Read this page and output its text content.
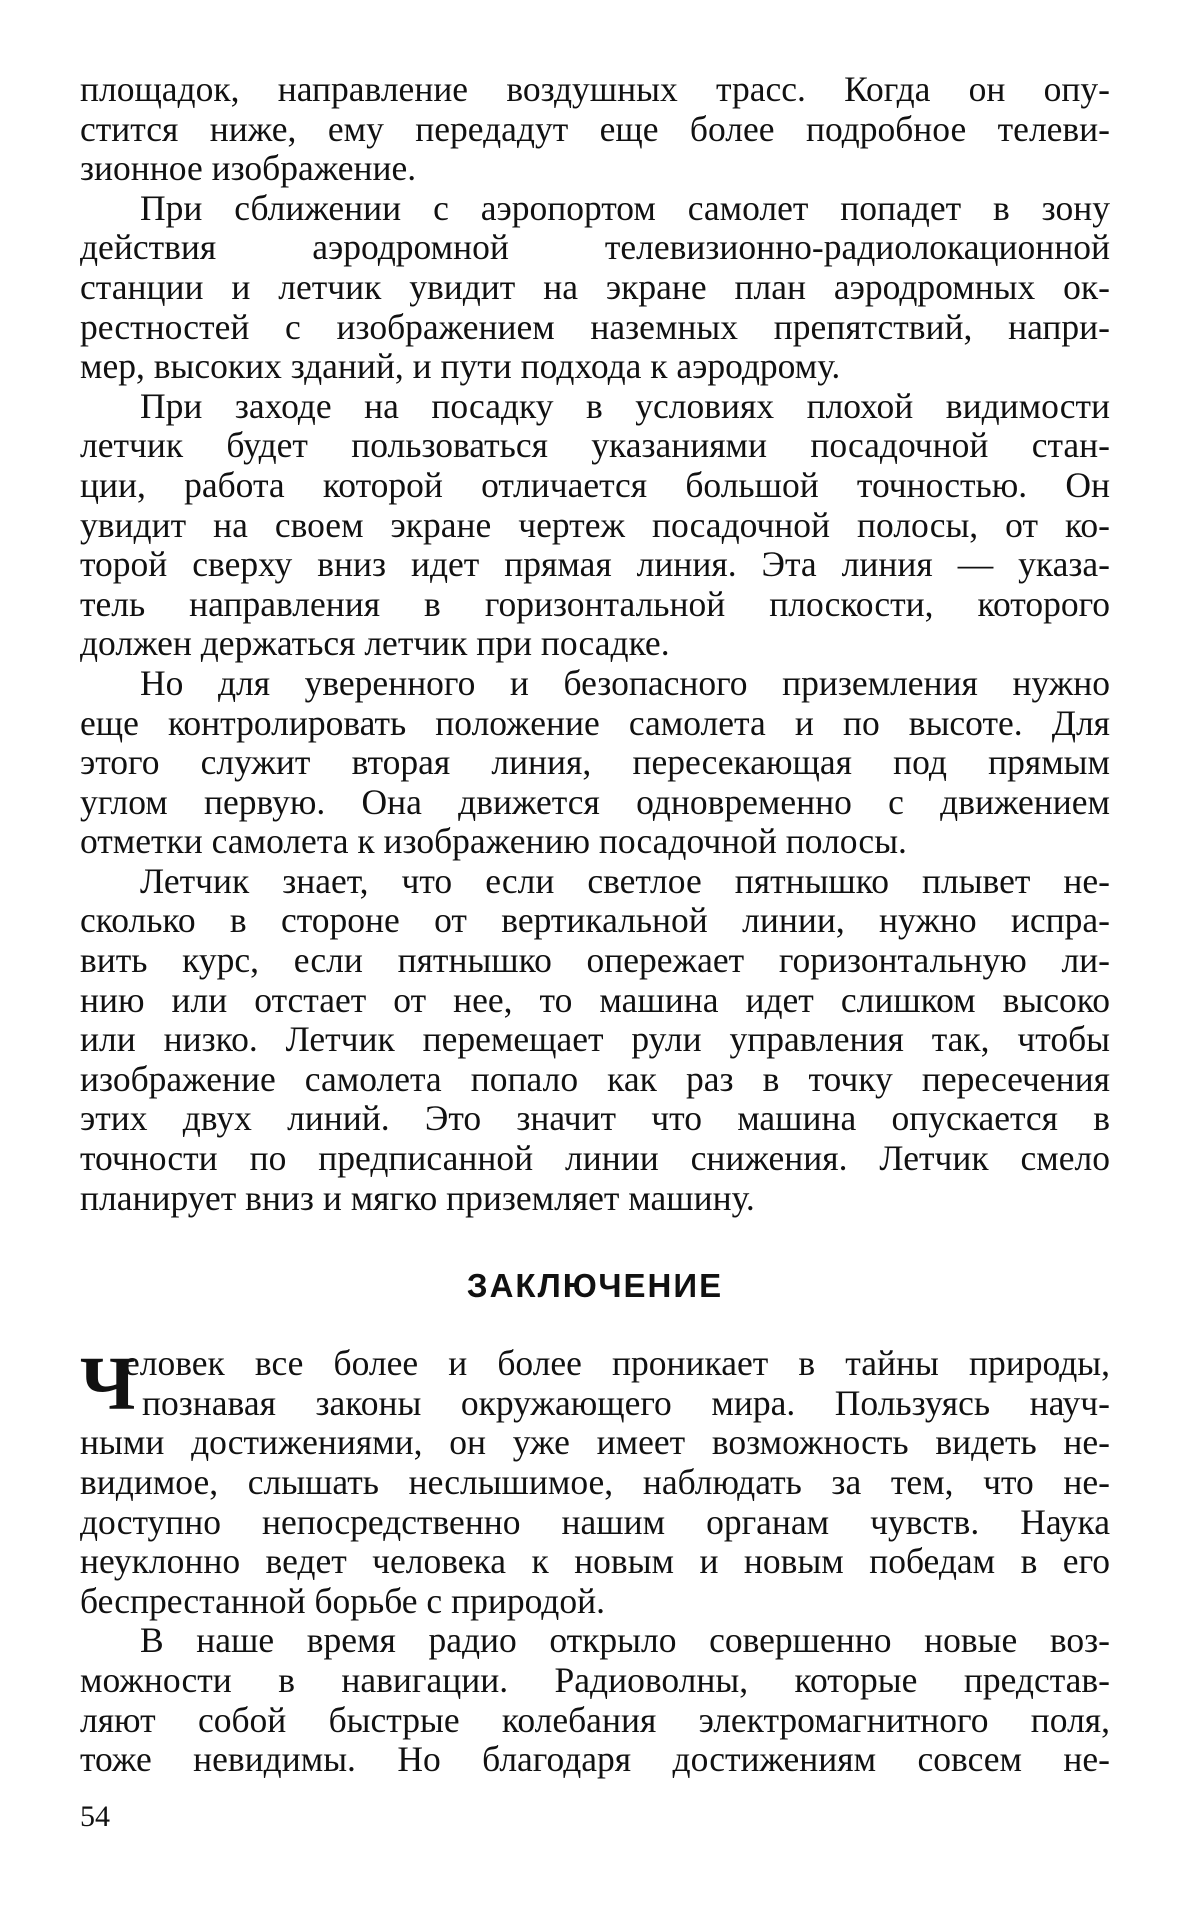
площадок, направление воздушных трасс. Когда он опу-
стится ниже, ему передадут еще более подробное телеви-
зионное изображение.

При сближении с аэропортом самолет попадет в зону
действия аэродромной телевизионно-радиолокационной
станции и летчик увидит на экране план аэродромных ок-
рестностей с изображением наземных препятствий, напри-
мер, высоких зданий, и пути подхода к аэродрому.

При заходе на посадку в условиях плохой видимости
летчик будет пользоваться указаниями посадочной стан-
ции, работа которой отличается большой точностью. Он
увидит на своем экране чертеж посадочной полосы, от ко-
торой сверху вниз идет прямая линия. Эта линия — указа-
тель направления в горизонтальной плоскости, которого
должен держаться летчик при посадке.

Но для уверенного и безопасного приземления нужно
еще контролировать положение самолета и по высоте. Для
этого служит вторая линия, пересекающая под прямым
углом первую. Она движется одновременно с движением
отметки самолета к изображению посадочной полосы.

Летчик знает, что если светлое пятнышко плывет не-
сколько в стороне от вертикальной линии, нужно испра-
вить курс, если пятнышко опережает горизонтальную ли-
нию или отстает от нее, то машина идет слишком высоко
или низко. Летчик перемещает рули управления так, чтобы
изображение самолета попало как раз в точку пересечения
этих двух линий. Это значит что машина опускается в
точности по предписанной линии снижения. Летчик смело
планирует вниз и мягко приземляет машину.

ЗАКЛЮЧЕНИЕ

Ч
еловек все более и более проникает в тайны природы,
познавая законы окружающего мира. Пользуясь науч-
ными достижениями, он уже имеет возможность видеть не-
видимое, слышать неслышимое, наблюдать за тем, что не-
доступно непосредственно нашим органам чувств. Наука
неуклонно ведет человека к новым и новым победам в его
беспрестанной борьбе с природой.

В наше время радио открыло совершенно новые воз-
можности в навигации. Радиоволны, которые представ-
ляют собой быстрые колебания электромагнитного поля,
тоже невидимы. Но благодаря достижениям совсем не-

54
